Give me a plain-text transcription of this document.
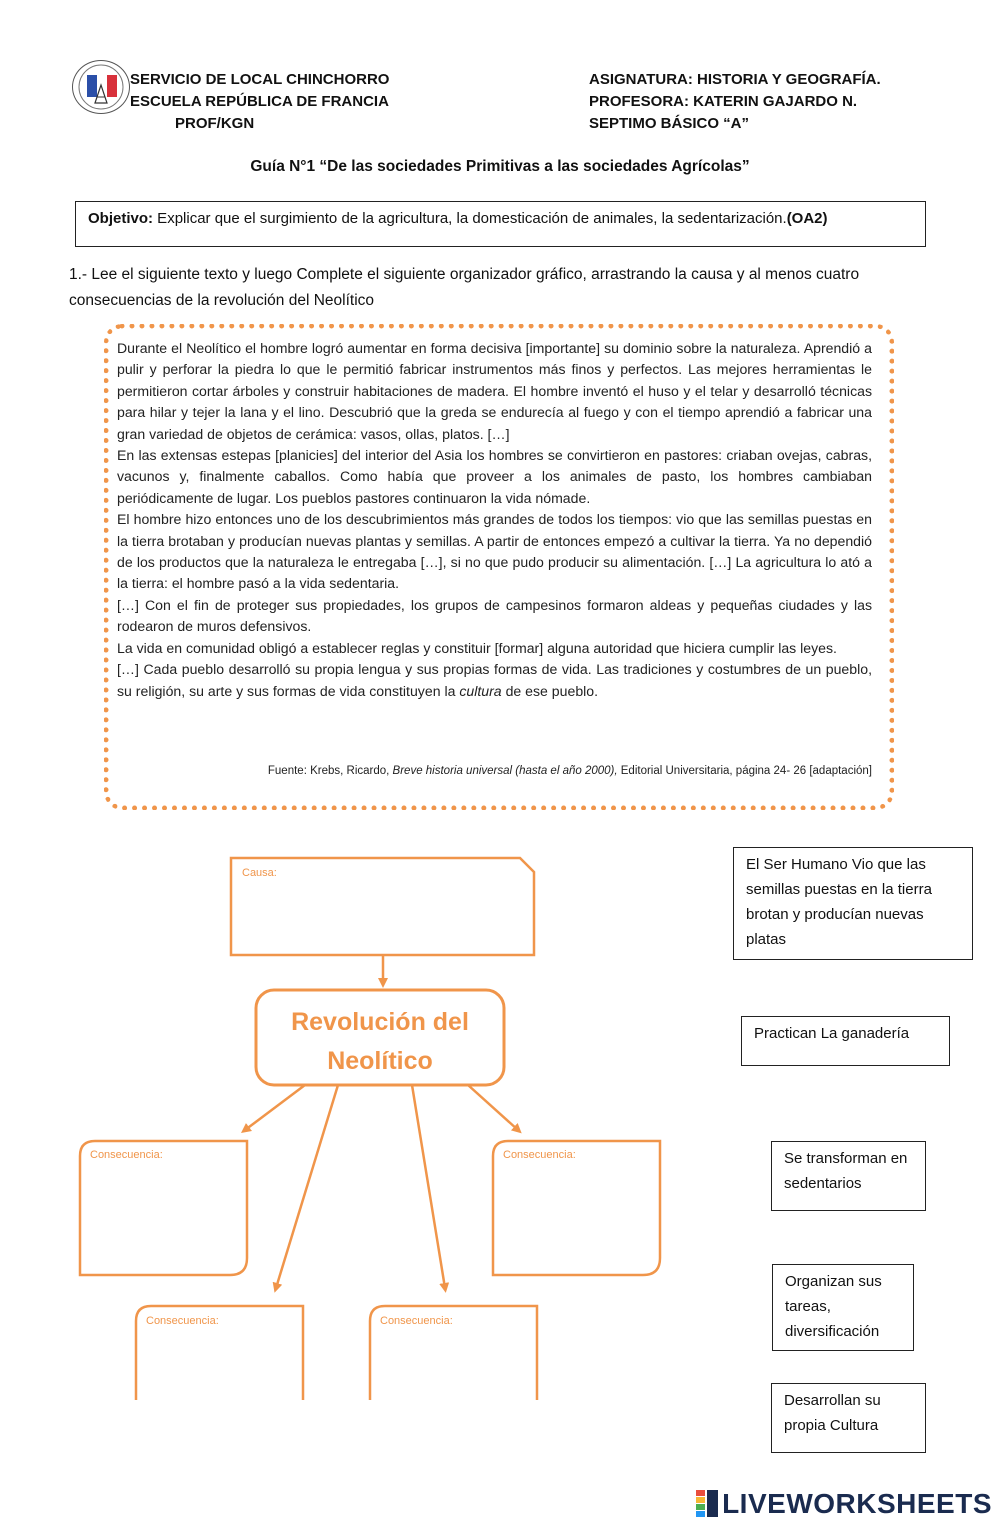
SERVICIO DE LOCAL CHINCHORRO
ESCUELA REPÚBLICA DE FRANCIA
PROF/KGN
ASIGNATURA: HISTORIA Y GEOGRAFÍA.
PROFESORA: KATERIN GAJARDO N.
SEPTIMO BÁSICO “A”
Guía N°1 “De las sociedades Primitivas a las sociedades Agrícolas”
Objetivo: Explicar que el surgimiento de la agricultura, la domesticación de animales, la sedentarización.(OA2)
1.- Lee el siguiente texto y luego Complete el siguiente organizador gráfico, arrastrando la causa y al menos cuatro consecuencias de la revolución del Neolítico

Durante el Neolítico el hombre logró aumentar en forma decisiva [importante] su dominio sobre la naturaleza. Aprendió a pulir y perforar la piedra lo que le permitió fabricar instrumentos más finos y perfectos. Las mejores herramientas le permitieron cortar árboles y construir habitaciones de madera. El hombre inventó el huso y el telar y desarrolló técnicas para hilar y tejer la lana y el lino. Descubrió que la greda se endurecía al fuego y con el tiempo aprendió a fabricar una gran variedad de objetos de cerámica: vasos, ollas, platos. […]

En las extensas estepas [planicies] del interior del Asia los hombres se convirtieron en pastores: criaban ovejas, cabras, vacunos y, finalmente caballos. Como había que proveer a los animales de pasto, los hombres cambiaban periódicamente de lugar. Los pueblos pastores continuaron la vida nómade.

El hombre hizo entonces uno de los descubrimientos más grandes de todos los tiempos: vio que las semillas puestas en la tierra brotaban y producían nuevas plantas y semillas. A partir de entonces empezó a cultivar la tierra. Ya no dependió de los productos que la naturaleza le entregaba […], si no que pudo producir su alimentación. […] La agricultura lo ató a la tierra: el hombre pasó a la vida sedentaria.

[…] Con el fin de proteger sus propiedades, los grupos de campesinos formaron aldeas y pequeñas ciudades y las rodearon de muros defensivos.

La vida en comunidad obligó a establecer reglas y constituir [formar] alguna autoridad que hiciera cumplir las leyes.

[…] Cada pueblo desarrolló su propia lengua y sus propias formas de vida. Las tradiciones y costumbres de un pueblo, su religión, su arte y sus formas de vida constituyen la cultura de ese pueblo.

Fuente: Krebs, Ricardo, Breve historia universal (hasta el año 2000), Editorial Universitaria, página 24- 26 [adaptación]
Causa:
Revolución del
Neolítico
Consecuencia:	Consecuencia:
Consecuencia:	Consecuencia:
El Ser Humano Vio que las semillas puestas en la tierra brotan y producían nuevas platas
Practican La ganadería
Se transforman en sedentarios
Organizan sus tareas, diversificación
Desarrollan su propia Cultura
LIVEWORKSHEETS
